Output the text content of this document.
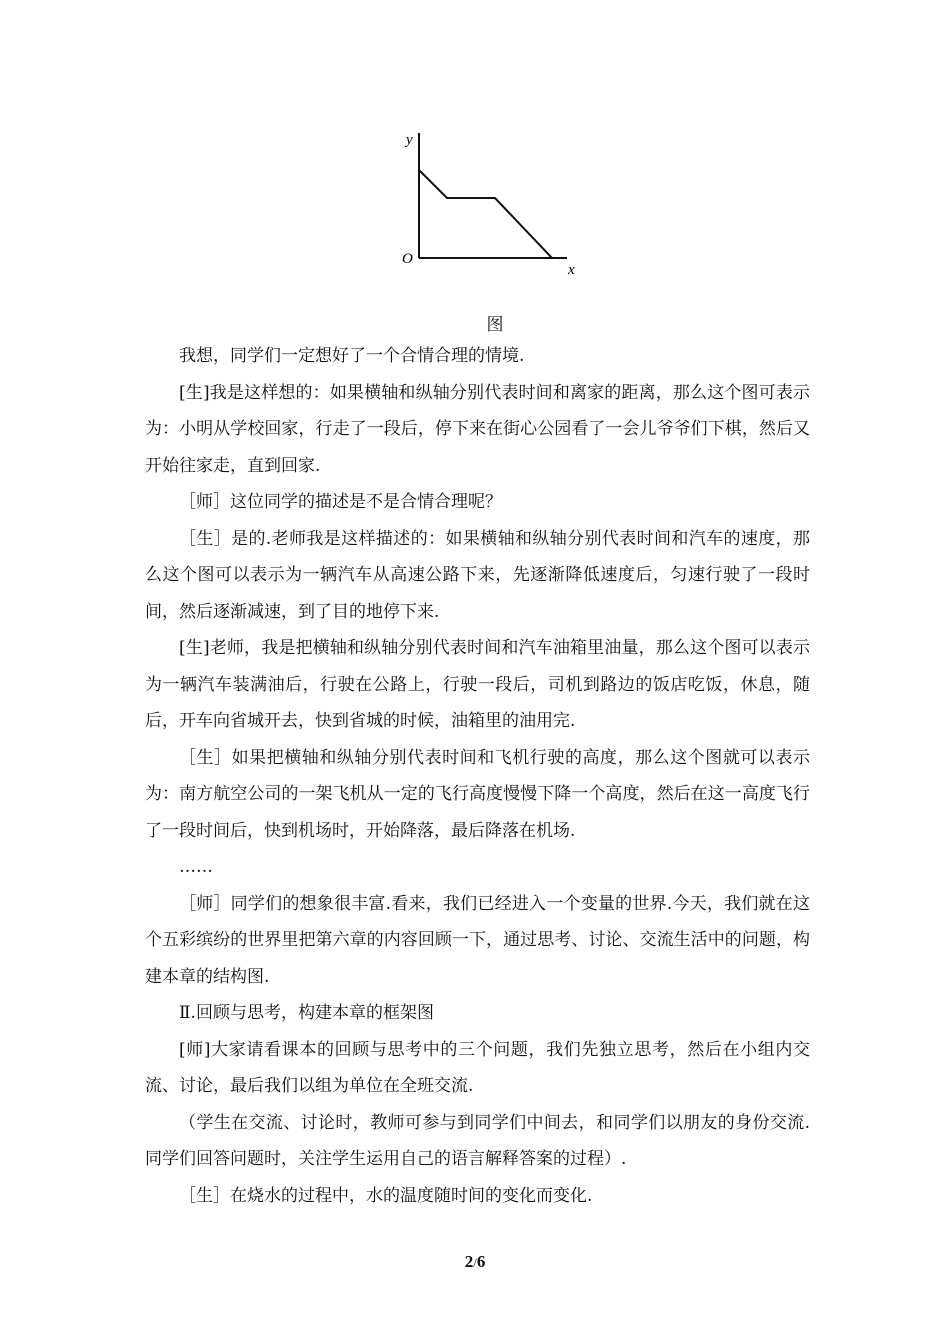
y
x
O
图

我想，同学们一定想好了一个合情合理的情境.

[生]我是这样想的：如果横轴和纵轴分别代表时间和离家的距离，那么这个图可表示为：小明从学校回家，行走了一段后，停下来在街心公园看了一会儿爷爷们下棋，然后又开始往家走，直到回家.

［师］这位同学的描述是不是合情合理呢？

［生］是的.老师我是这样描述的：如果横轴和纵轴分别代表时间和汽车的速度，那么这个图可以表示为一辆汽车从高速公路下来，先逐渐降低速度后，匀速行驶了一段时间，然后逐渐减速，到了目的地停下来.

[生]老师，我是把横轴和纵轴分别代表时间和汽车油箱里油量，那么这个图可以表示为一辆汽车装满油后，行驶在公路上，行驶一段后，司机到路边的饭店吃饭，休息，随后，开车向省城开去，快到省城的时候，油箱里的油用完.

［生］如果把横轴和纵轴分别代表时间和飞机行驶的高度，那么这个图就可以表示为：南方航空公司的一架飞机从一定的飞行高度慢慢下降一个高度，然后在这一高度飞行了一段时间后，快到机场时，开始降落，最后降落在机场.

……

［师］同学们的想象很丰富.看来，我们已经进入一个变量的世界.今天，我们就在这个五彩缤纷的世界里把第六章的内容回顾一下，通过思考、讨论、交流生活中的问题，构建本章的结构图.

Ⅱ.回顾与思考，构建本章的框架图

[师]大家请看课本的回顾与思考中的三个问题，我们先独立思考，然后在小组内交流、讨论，最后我们以组为单位在全班交流.

（学生在交流、讨论时，教师可参与到同学们中间去，和同学们以朋友的身份交流.同学们回答问题时，关注学生运用自己的语言解释答案的过程）.

［生］在烧水的过程中，水的温度随时间的变化而变化.

2/6
